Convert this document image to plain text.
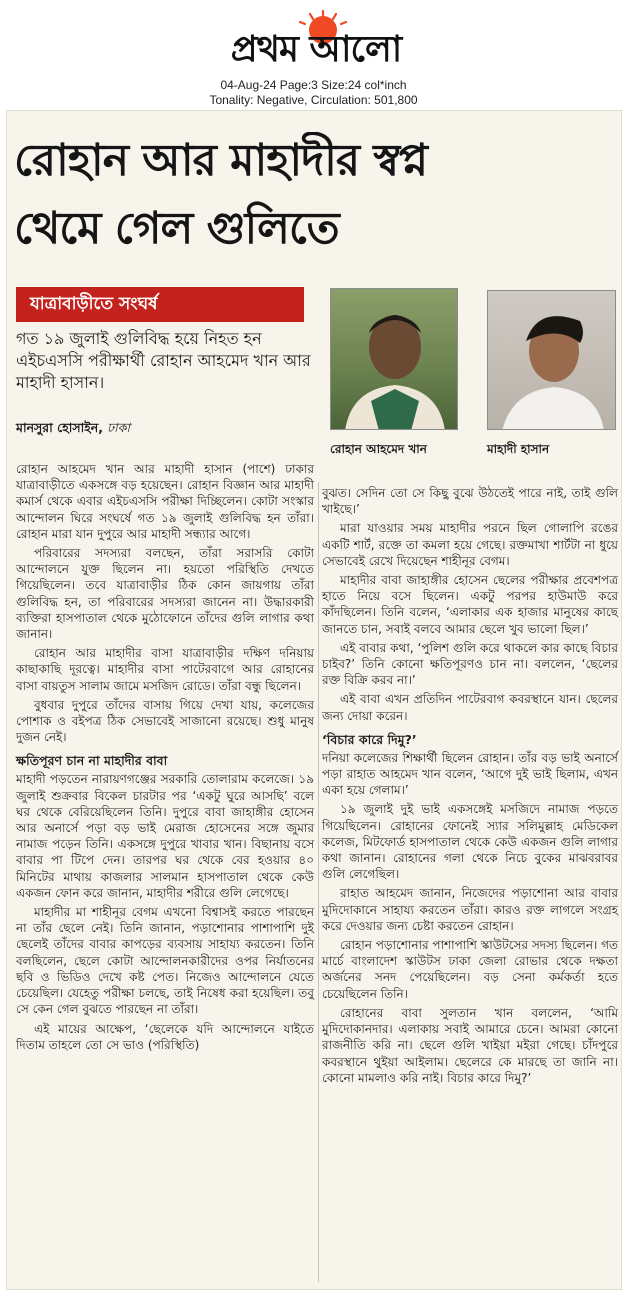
প্রথম আলো
04-Aug-24 Page:3 Size:24 col*inch
Tonality: Negative, Circulation: 501,800
রোহান আর মাহাদীর স্বপ্ন
থেমে গেল গুলিতে
যাত্রাবাড়ীতে সংঘর্ষ
গত ১৯ জুলাই গুলিবিদ্ধ হয়ে নিহত হন এইচএসসি পরীক্ষার্থী রোহান আহমেদ খান আর মাহাদী হাসান।
মানসুরা হোসাইন, ঢাকা
রোহান আহমেদ খান	মাহাদী হাসান

রোহান আহমেদ খান আর মাহাদী হাসান (পাশে) ঢাকার যাত্রাবাড়ীতে একসঙ্গে বড় হয়েছেন। রোহান বিজ্ঞান আর মাহাদী কমার্স থেকে এবার এইচএসসি পরীক্ষা দিচ্ছিলেন। কোটা সংস্কার আন্দোলন ঘিরে সংঘর্ষে গত ১৯ জুলাই গুলিবিদ্ধ হন তাঁরা। রোহান মারা যান দুপুরে আর মাহাদী সন্ধ্যার আগে।

পরিবারের সদস্যরা বলছেন, তাঁরা সরাসরি কোটা আন্দোলনে যুক্ত ছিলেন না। হয়তো পরিস্থিতি দেখতে গিয়েছিলেন। তবে যাত্রাবাড়ীর ঠিক কোন জায়গায় তাঁরা গুলিবিদ্ধ হন, তা পরিবারের সদস্যরা জানেন না। উদ্ধারকারী ব্যক্তিরা হাসপাতাল থেকে মুঠোফোনে তাঁদের গুলি লাগার কথা জানান।

রোহান আর মাহাদীর বাসা যাত্রাবাড়ীর দক্ষিণ দনিয়ায় কাছাকাছি দূরত্বে। মাহাদীর বাসা পাটেরবাগে আর রোহানের বাসা বায়তুস সালাম জামে মসজিদ রোডে। তাঁরা বন্ধু ছিলেন।

বুধবার দুপুরে তাঁদের বাসায় গিয়ে দেখা যায়, কলেজের পোশাক ও বইপত্র ঠিক সেভাবেই সাজানো রয়েছে। শুধু মানুষ দুজন নেই।

ক্ষতিপূরণ চান না মাহাদীর বাবা

মাহাদী পড়তেন নারায়ণগঞ্জের সরকারি তোলারাম কলেজে। ১৯ জুলাই শুক্রবার বিকেল চারটার পর ‘একটু ঘুরে আসছি’ বলে ঘর থেকে বেরিয়েছিলেন তিনি। দুপুরে বাবা জাহাঙ্গীর হোসেন আর অনার্সে পড়া বড় ভাই মেরাজ হোসেনের সঙ্গে জুমার নামাজ পড়েন তিনি। একসঙ্গে দুপুরে খাবার খান। বিছানায় বসে বাবার পা টিপে দেন। তারপর ঘর থেকে বের হওয়ার ৪০ মিনিটের মাথায় কাজলার সালমান হাসপাতাল থেকে কেউ একজন ফোন করে জানান, মাহাদীর শরীরে গুলি লেগেছে।

মাহাদীর মা শাহীনূর বেগম এখনো বিশ্বাসই করতে পারছেন না তাঁর ছেলে নেই। তিনি জানান, পড়াশোনার পাশাপাশি দুই ছেলেই তাঁদের বাবার কাপড়ের ব্যবসায় সাহায্য করতেন। তিনি বলছিলেন, ছেলে কোটা আন্দোলনকারীদের ওপর নির্যাতনের ছবি ও ভিডিও দেখে কষ্ট পেত। নিজেও আন্দোলনে যেতে চেয়েছিল। যেহেতু পরীক্ষা চলছে, তাই নিষেধ করা হয়েছিল। তবু সে কেন গেল বুঝতে পারছেন না তাঁরা।

এই মায়ের আক্ষেপ, ‘ছেলেকে যদি আন্দোলনে যাইতে দিতাম তাহলে তো সে ভাও (পরিস্থিতি)

বুঝত। সেদিন তো সে কিছু বুঝে উঠতেই পারে নাই, তাই গুলি খাইছে।’

মারা যাওয়ার সময় মাহাদীর পরনে ছিল গোলাপি রঙের একটি শার্ট, রক্তে তা কমলা হয়ে গেছে। রক্তমাখা শার্টটা না ধুয়ে সেভাবেই রেখে দিয়েছেন শাহীনূর বেগম।

মাহাদীর বাবা জাহাঙ্গীর হোসেন ছেলের পরীক্ষার প্রবেশপত্র হাতে নিয়ে বসে ছিলেন। একটু পরপর হাউমাউ করে কাঁদছিলেন। তিনি বলেন, ‘এলাকার এক হাজার মানুষের কাছে জানতে চান, সবাই বলবে আমার ছেলে খুব ভালো ছিল।’

এই বাবার কথা, ‘পুলিশ গুলি করে থাকলে কার কাছে বিচার চাইব?’ তিনি কোনো ক্ষতিপূরণও চান না। বললেন, ‘ছেলের রক্ত বিক্রি করব না।’

এই বাবা এখন প্রতিদিন পাটেরবাগ কবরস্থানে যান। ছেলের জন্য দোয়া করেন।

‘বিচার কারে দিমু?’

দনিয়া কলেজের শিক্ষার্থী ছিলেন রোহান। তাঁর বড় ভাই অনার্সে পড়া রাহাত আহমেদ খান বলেন, ‘আগে দুই ভাই ছিলাম, এখন একা হয়ে গেলাম।’

১৯ জুলাই দুই ভাই একসঙ্গেই মসজিদে নামাজ পড়তে গিয়েছিলেন। রোহানের ফোনেই স্যার সলিমুল্লাহ মেডিকেল কলেজ, মিটফোর্ড হাসপাতাল থেকে কেউ একজন গুলি লাগার কথা জানান। রোহানের গলা থেকে নিচে বুকের মাঝবরাবর গুলি লেগেছিল।

রাহাত আহমেদ জানান, নিজেদের পড়াশোনা আর বাবার মুদিদোকানে সাহায্য করতেন তাঁরা। কারও রক্ত লাগলে সংগ্রহ করে দেওয়ার জন্য চেষ্টা করতেন রোহান।

রোহান পড়াশোনার পাশাপাশি স্কাউটসের সদস্য ছিলেন। গত মার্চে বাংলাদেশ স্কাউটস ঢাকা জেলা রোভার থেকে দক্ষতা অর্জনের সনদ পেয়েছিলেন। বড় সেনা কর্মকর্তা হতে চেয়েছিলেন তিনি।

রোহানের বাবা সুলতান খান বললেন, ‘আমি মুদিদোকানদার। এলাকায় সবাই আমারে চেনে। আমরা কোনো রাজনীতি করি না। ছেলে গুলি খাইয়া মইরা গেছে। চাঁদপুরে কবরস্থানে থুইয়া আইলাম। ছেলেরে কে মারছে তা জানি না। কোনো মামলাও করি নাই। বিচার কারে দিমু?’
